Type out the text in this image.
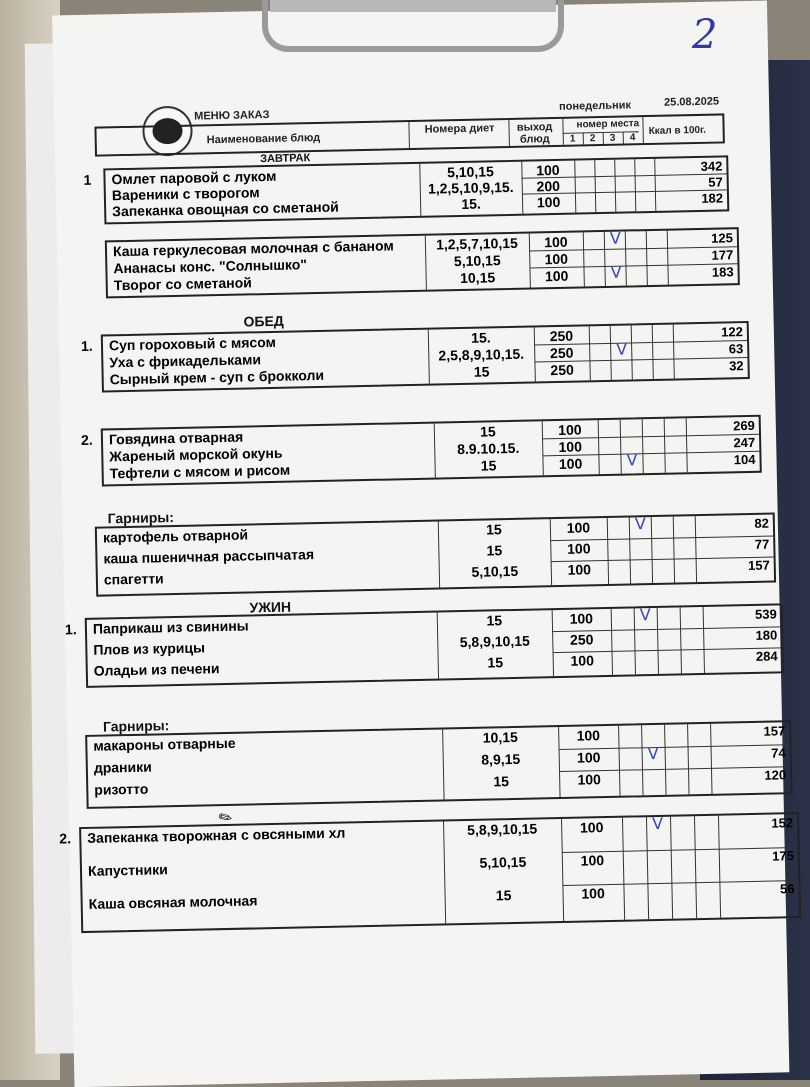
МЕНЮ ЗАКАЗ
понедельник	25.08.2025
Наименование блюд
Номера диет	выход блюд
номер места
1 2 3 4
Ккал в 100г.
ЗАВТРАК
1 Омлет паровой с луком	5,10,15	100	342
Вареники с творогом	1,2,5,10,9,15.	200	57
Запеканка овощная со сметаной	15.	100	182
Каша геркулесовая молочная с бананом	1,2,5,7,10,15	100	125
V
Ананасы конс. "Солнышко"	5,10,15	100	177
Творог со сметаной	10,15	100	183
V
ОБЕД
1. Суп гороховый с мясом	15.	250	122
Уха с фрикадельками	2,5,8,9,10,15.	250	63
V
Сырный крем - суп с брокколи	15	250	32
2. Говядина отварная	15	100	269
Жареный морской окунь	8.9.10.15.	100	247
Тефтели с мясом и рисом	15	100	104
V
Гарниры:
картофель отварной	15	100	82
V
каша пшеничная рассыпчатая	15	100	77
спагетти	5,10,15	100	157
УЖИН
1. Паприкаш из свинины	15	100	539
V
Плов из курицы	5,8,9,10,15	250	180
Оладьи из печени	15	100	284
Гарниры:
макароны отварные	10,15	100	157
драники	8,9,15	100	74
V
ризотто	15	100	120
2. Запеканка творожная с овсяными хл	5,8,9,10,15	100	152
V
Капустники	5,10,15	100	175
Каша овсяная молочная	15	100	56
✎
2
